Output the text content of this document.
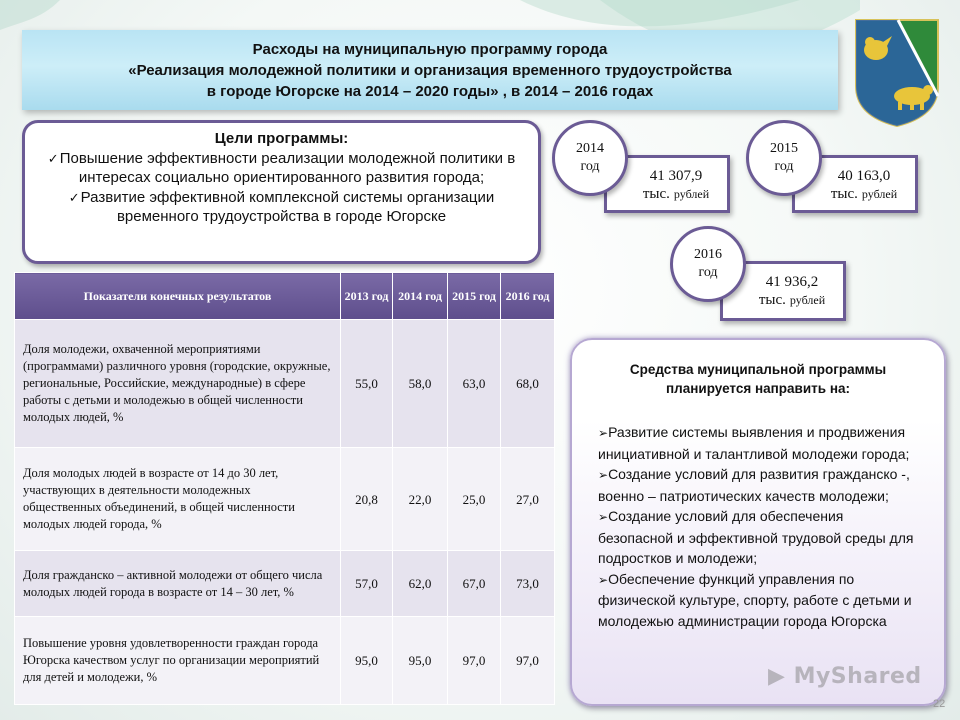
Расходы на муниципальную программу города
«Реализация молодежной политики и организация временного трудоустройства
в городе Югорске на 2014 – 2020 годы» , в 2014 – 2016 годах
Цели программы:
✓Повышение эффективности реализации молодежной политики в интересах социально ориентированного развития города;
✓Развитие эффективной комплексной системы организации временного трудоустройства в городе Югорске
41 307,9
тыс. рублей
2014
год
40 163,0
тыс. рублей
2015
год
41 936,2
тыс. рублей
2016
год
Показатели конечных результатов	2013 год	2014 год	2015 год	2016 год
Доля молодежи, охваченной мероприятиями (программами) различного уровня (городские, окружные, региональные, Российские, международные) в сфере работы с детьми и молодежью в общей численности молодых людей, %	55,0	58,0	63,0	68,0
Доля молодых людей в возрасте от 14 до 30 лет, участвующих в деятельности молодежных общественных объединений, в общей численности молодых людей города, %	20,8	22,0	25,0	27,0
Доля гражданско – активной молодежи от общего числа молодых людей города в возрасте от 14 – 30 лет, %	57,0	62,0	67,0	73,0
Повышение уровня удовлетворенности граждан города Югорска качеством услуг по организации мероприятий для детей и молодежи, %	95,0	95,0	97,0	97,0
Средства муниципальной программы
планируется направить на:
➢Развитие системы выявления и продвижения инициативной и талантливой молодежи города;
➢Создание условий для развития гражданско -, военно – патриотических качеств молодежи;
➢Создание условий для обеспечения безопасной и эффективной трудовой среды для подростков и молодежи;
➢Обеспечение функций управления по физической культуре, спорту, работе с детьми и молодежью администрации города Югорска
▶ MyShared
22
